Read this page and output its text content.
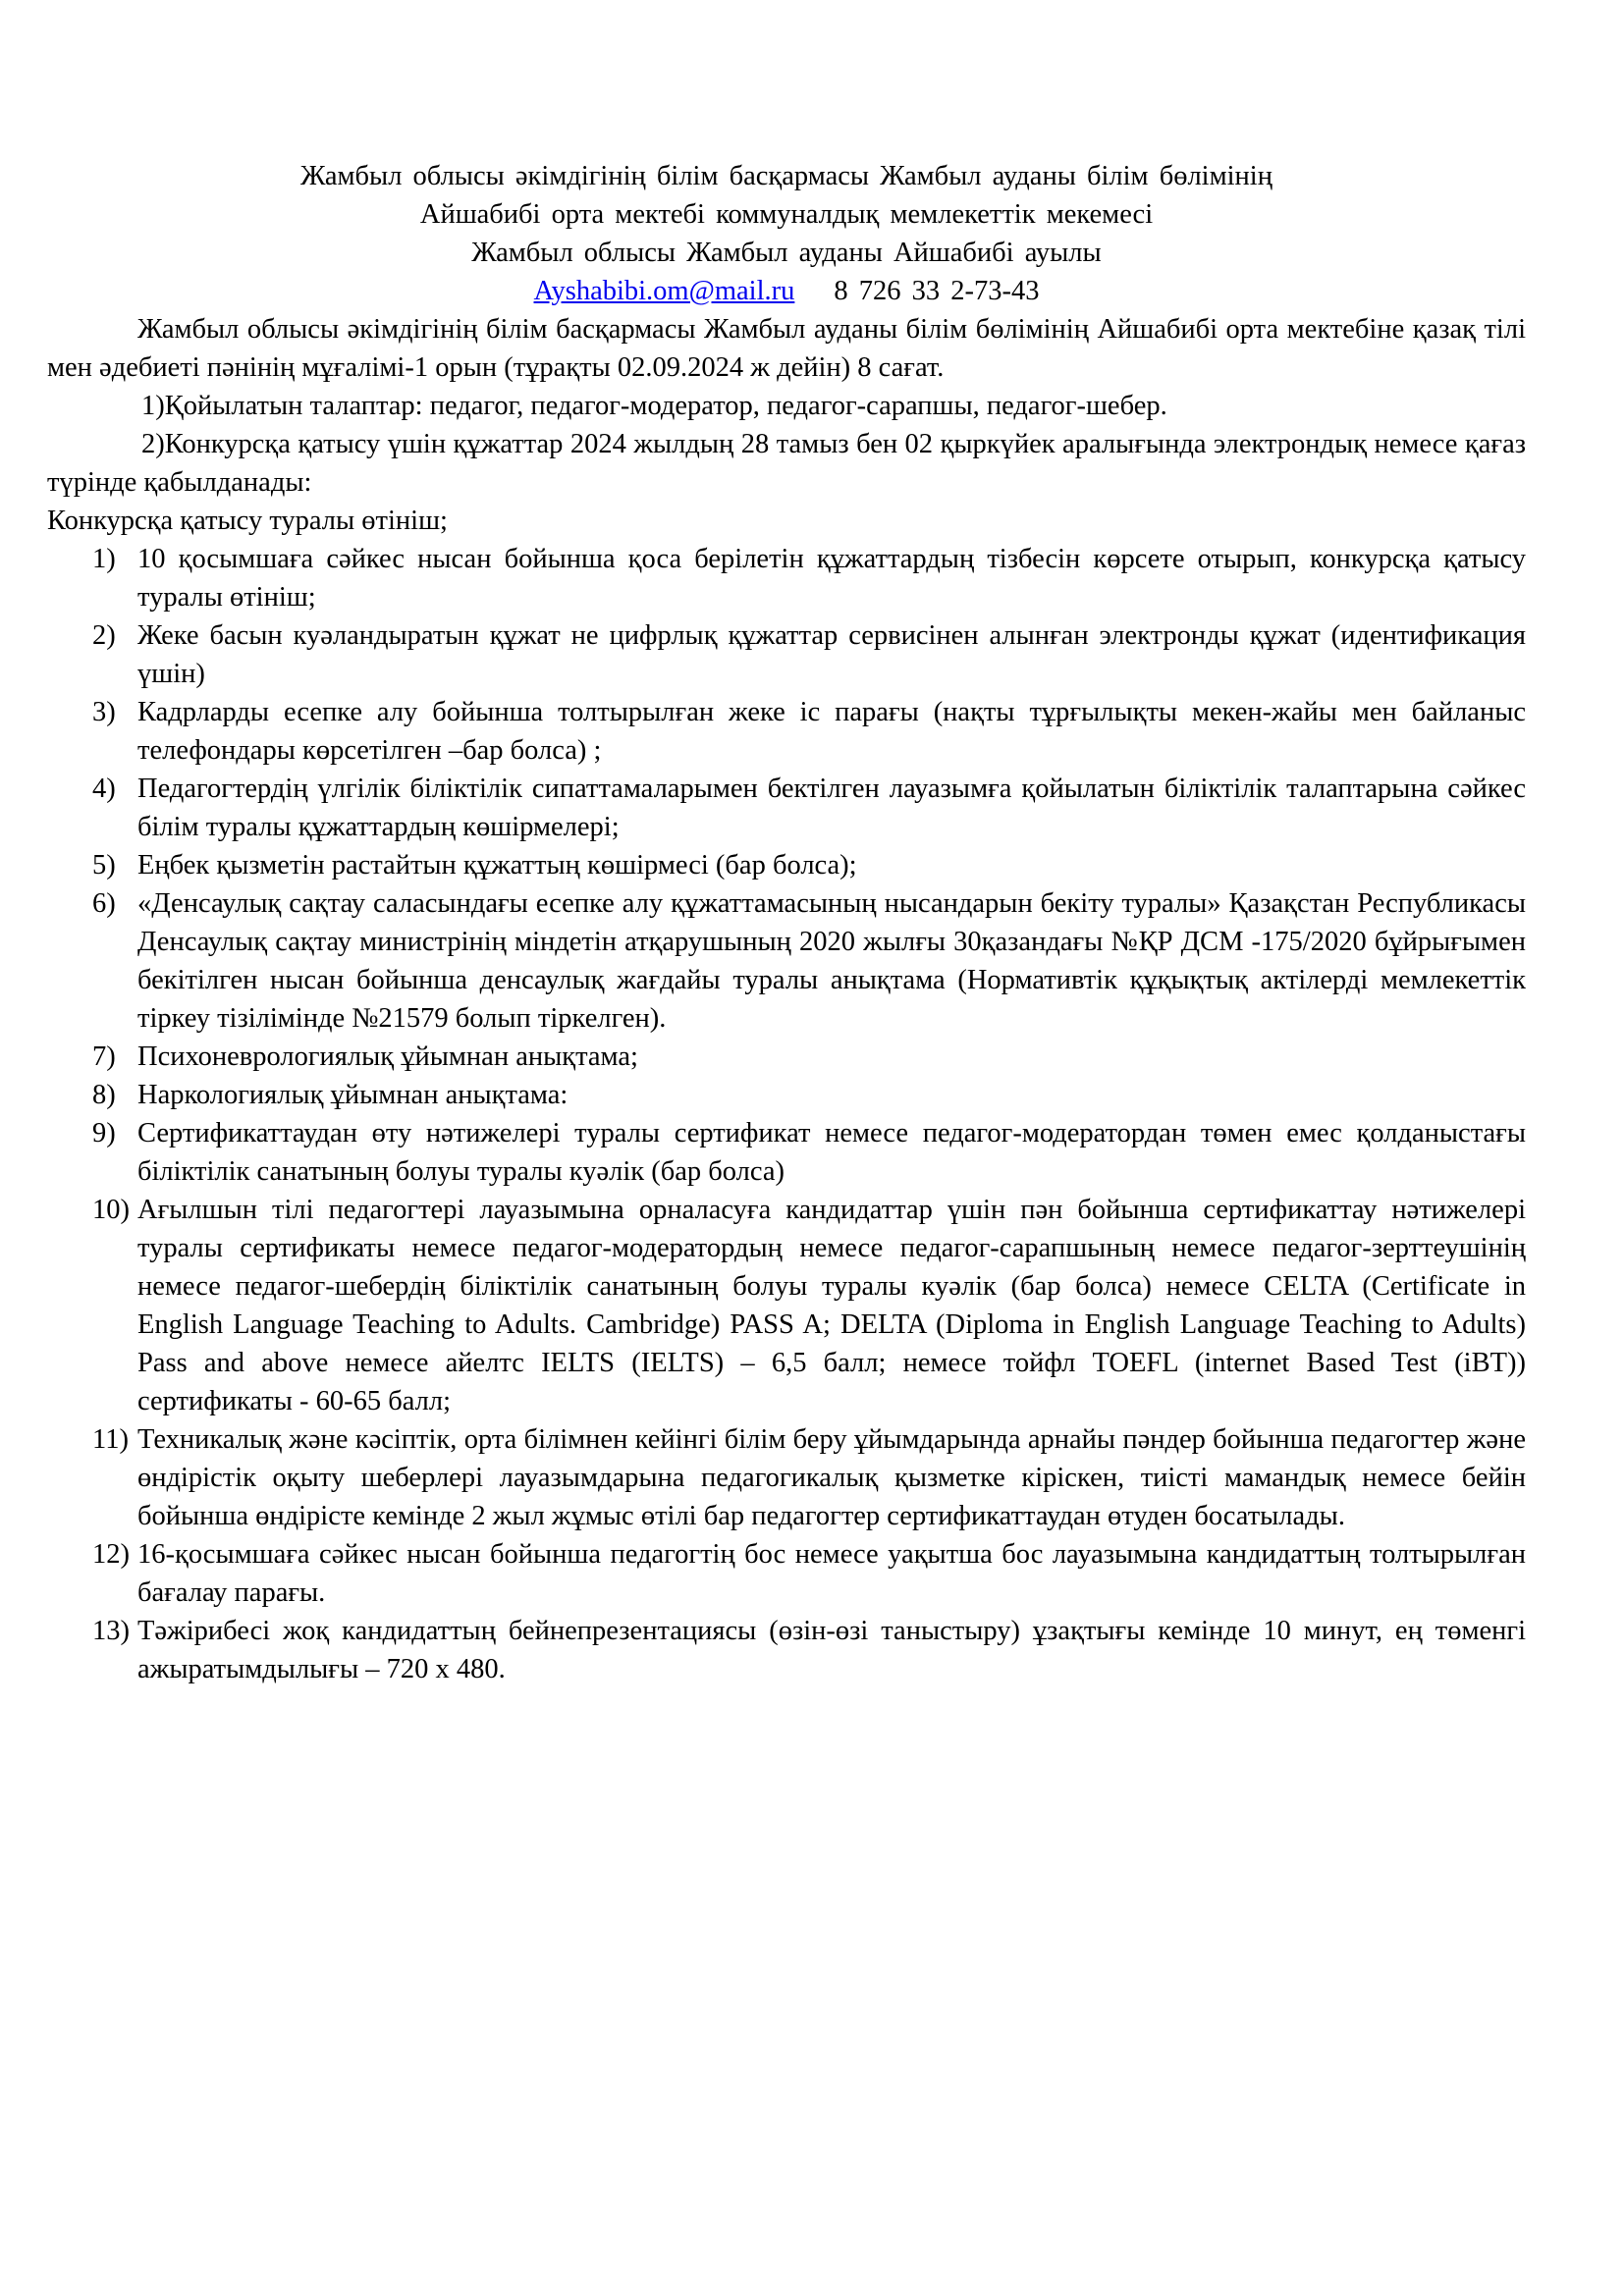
Жамбыл облысы әкімдігінің білім басқармасы Жамбыл ауданы білім бөлімінің
Айшабибі орта мектебі коммуналдық мемлекеттік мекемесі
Жамбыл облысы Жамбыл ауданы Айшабибі ауылы
Ayshabibi.om@mail.ru 8 726 33 2-73-43

Жамбыл облысы әкімдігінің білім басқармасы Жамбыл ауданы білім бөлімінің Айшабибі орта мектебіне қазақ тілі мен әдебиеті пәнінің мұғалімі-1 орын (тұрақты 02.09.2024 ж дейін) 8 сағат.

1)Қойылатын талаптар: педагог, педагог-модератор, педагог-сарапшы, педагог-шебер.

2)Конкурсқа қатысу үшін құжаттар 2024 жылдың 28 тамыз бен 02 қыркүйек аралығында электрондық немесе қағаз түрінде қабылданады:

Конкурсқа қатысу туралы өтініш;

1) 10 қосымшаға сәйкес нысан бойынша қоса берілетін құжаттардың тізбесін көрсете отырып, конкурсқа қатысу туралы өтініш;
2) Жеке басын куәландыратын құжат не цифрлық құжаттар сервисінен алынған электронды құжат (идентификация үшін)
3) Кадрларды есепке алу бойынша толтырылған жеке іс парағы (нақты тұрғылықты мекен-жайы мен байланыс телефондары көрсетілген –бар болса) ;
4) Педагогтердің үлгілік біліктілік сипаттамаларымен бектілген лауазымға қойылатын біліктілік талаптарына сәйкес білім туралы құжаттардың көшірмелері;
5) Еңбек қызметін растайтын құжаттың көшірмесі (бар болса);
6) «Денсаулық сақтау саласындағы есепке алу құжаттамасының нысандарын бекіту туралы» Қазақстан Республикасы Денсаулық сақтау министрінің міндетін атқарушының 2020 жылғы 30қазандағы №ҚР ДСМ -175/2020 бұйрығымен бекітілген нысан бойынша денсаулық жағдайы туралы анықтама (Нормативтік құқықтық актілерді мемлекеттік тіркеу тізілімінде №21579 болып тіркелген).
7) Психоневрологиялық ұйымнан анықтама;
8) Наркологиялық ұйымнан анықтама:
9) Сертификаттаудан өту нәтижелері туралы сертификат немесе педагог-модератордан төмен емес қолданыстағы біліктілік санатының болуы туралы куәлік (бар болса)
10) Ағылшын тілі педагогтері лауазымына орналасуға кандидаттар үшін пән бойынша сертификаттау нәтижелері туралы сертификаты немесе педагог-модератордың немесе педагог-сарапшының немесе педагог-зерттеушінің немесе педагог-шебердің біліктілік санатының болуы туралы куәлік (бар болса) немесе CELTA (Certificate in English Language Teaching to Adults. Cambridge) PASS A; DELTA (Diploma in English Language Teaching to Adults) Pass and above немесе айелтс IELTS (IELTS) – 6,5 балл; немесе тойфл TOEFL (internet Based Test (iBT)) сертификаты - 60-65 балл;
11) Техникалық және кәсіптік, орта білімнен кейінгі білім беру ұйымдарында арнайы пәндер бойынша педагогтер және өндірістік оқыту шеберлері лауазымдарына педагогикалық қызметке кіріскен, тиісті мамандық немесе бейін бойынша өндірісте кемінде 2 жыл жұмыс өтілі бар педагогтер сертификаттаудан өтуден босатылады.
12) 16-қосымшаға сәйкес нысан бойынша педагогтің бос немесе уақытша бос лауазымына кандидаттың толтырылған бағалау парағы.
13) Тәжірибесі жоқ кандидаттың бейнепрезентациясы (өзін-өзі таныстыру) ұзақтығы кемінде 10 минут, ең төменгі ажыратымдылығы – 720 х 480.
